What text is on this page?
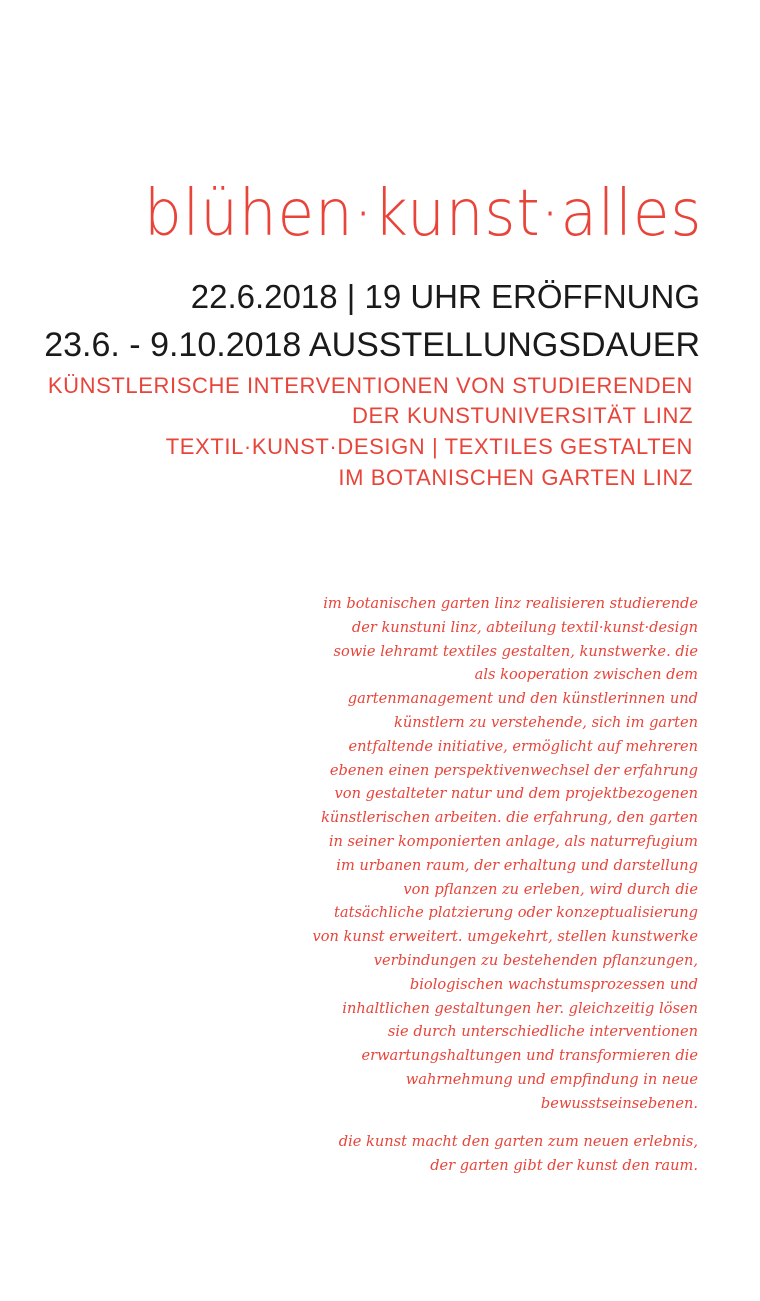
blühen·kunst·alles

22.6.2018 | 19 UHR ERÖFFNUNG

23.6. - 9.10.2018 AUSSTELLUNGSDAUER

KÜNSTLERISCHE INTERVENTIONEN VON STUDIERENDEN

DER KUNSTUNIVERSITÄT LINZ

TEXTIL·KUNST·DESIGN | TEXTILES GESTALTEN

IM BOTANISCHEN GARTEN LINZ

im botanischen garten linz realisieren studierende
der kunstuni linz, abteilung textil·kunst·design
sowie lehramt textiles gestalten, kunstwerke. die
als kooperation zwischen dem
gartenmanagement und den künstlerinnen und
künstlern zu verstehende, sich im garten
entfaltende initiative, ermöglicht auf mehreren
ebenen einen perspektivenwechsel der erfahrung
von gestalteter natur und dem projektbezogenen
künstlerischen arbeiten. die erfahrung, den garten
in seiner komponierten anlage, als naturrefugium
im urbanen raum, der erhaltung und darstellung
von pflanzen zu erleben, wird durch die
tatsächliche platzierung oder konzeptualisierung
von kunst erweitert. umgekehrt, stellen kunstwerke
verbindungen zu bestehenden pflanzungen,
biologischen wachstumsprozessen und
inhaltlichen gestaltungen her. gleichzeitig lösen
sie durch unterschiedliche interventionen
erwartungshaltungen und transformieren die
wahrnehmung und empfindung in neue
bewusstseinsebenen.
die kunst macht den garten zum neuen erlebnis,
der garten gibt der kunst den raum.
